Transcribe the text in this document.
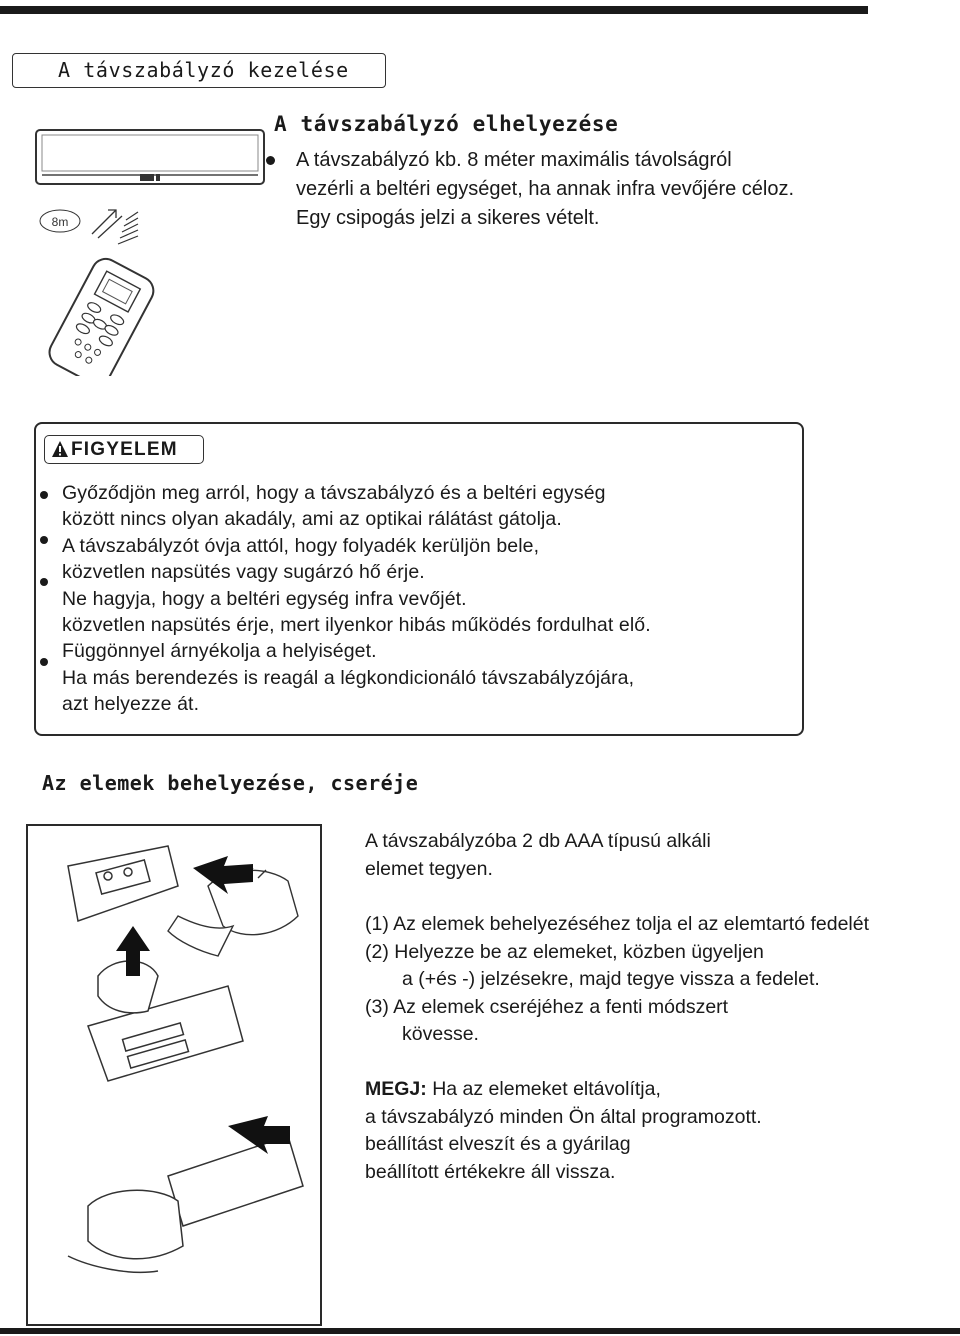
A távszabályzó kezelése
8m
A távszabályzó elhelyezése
A távszabályzó kb. 8 méter maximális távolságról
vezérli a beltéri egységet, ha annak infra vevőjére céloz.
Egy csipogás jelzi a sikeres vételt.
FIGYELEM
Győződjön meg arról, hogy a távszabályzó és a beltéri egység
között nincs olyan akadály, ami az optikai rálátást gátolja.
A távszabályzót óvja attól, hogy folyadék kerüljön bele,
közvetlen napsütés vagy sugárzó hő érje.
Ne hagyja, hogy a beltéri egység infra vevőjét.
közvetlen napsütés érje, mert ilyenkor hibás működés fordulhat elő.
Függönnyel árnyékolja a helyiséget.
Ha más berendezés is reagál a légkondicionáló távszabályzójára,
azt helyezze át.
Az elemek behelyezése, cseréje
A távszabályzóba 2 db AAA típusú alkáli
elemet tegyen.
(1) Az elemek behelyezéséhez tolja el az elemtartó fedelét
(2) Helyezze be az elemeket, közben ügyeljen
a (+és -) jelzésekre, majd tegye vissza a fedelet.
(3) Az elemek cseréjéhez a fenti módszert
kövesse.
MEGJ: Ha az elemeket eltávolítja,
a távszabályzó minden Ön által programozott.
beállítást elveszít és a gyárilag
beállított értékekre áll vissza.
